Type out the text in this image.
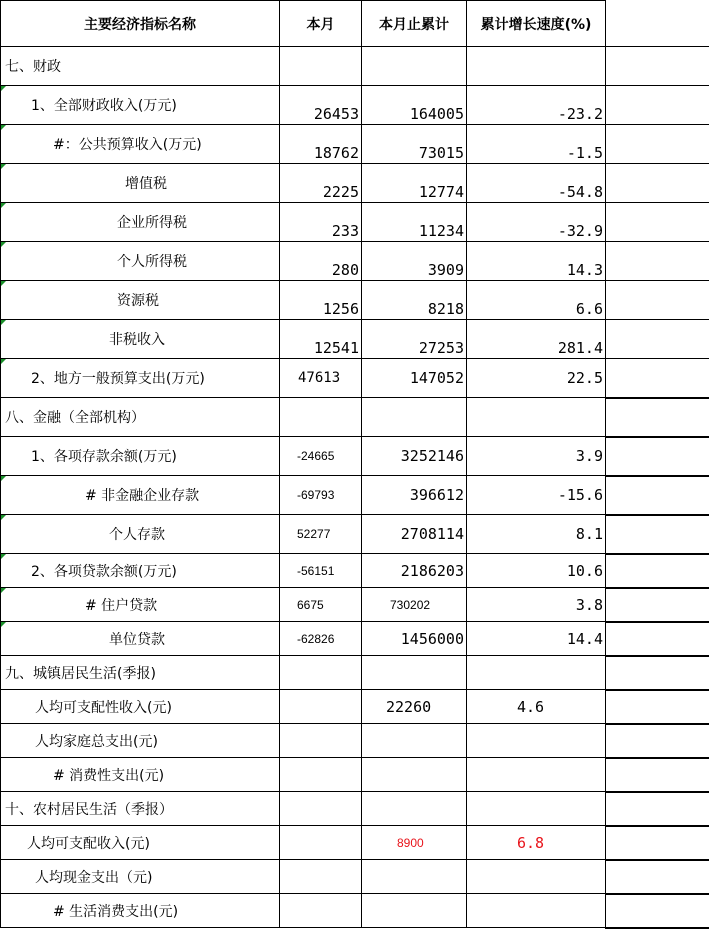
主要经济指标名称	本月	本月止累计	累计增长速度(%)	
七、财政				
1、全部财政收入(万元)	26453	164005	-23.2	
#：公共预算收入(万元)	18762	73015	-1.5	
增值税	2225	12774	-54.8	
企业所得税	233	11234	-32.9	
个人所得税	280	3909	14.3	
资源税	1256	8218	6.6	
非税收入	12541	27253	281.4	
2、地方一般预算支出(万元)	47613	147052	22.5	
八、金融（全部机构）				
1、各项存款余额(万元)	-24665	3252146	3.9	
# 非金融企业存款	-69793	396612	-15.6	
个人存款	52277	2708114	8.1	
2、各项贷款余额(万元)	-56151	2186203	10.6	
# 住户贷款	6675	730202	3.8	
单位贷款	-62826	1456000	14.4	
九、城镇居民生活(季报)				
人均可支配性收入(元)		22260	4.6	
人均家庭总支出(元)				
# 消费性支出(元)				
十、农村居民生活（季报）				
人均可支配收入(元)		8900	6.8	
人均现金支出（元)				
# 生活消费支出(元)				
